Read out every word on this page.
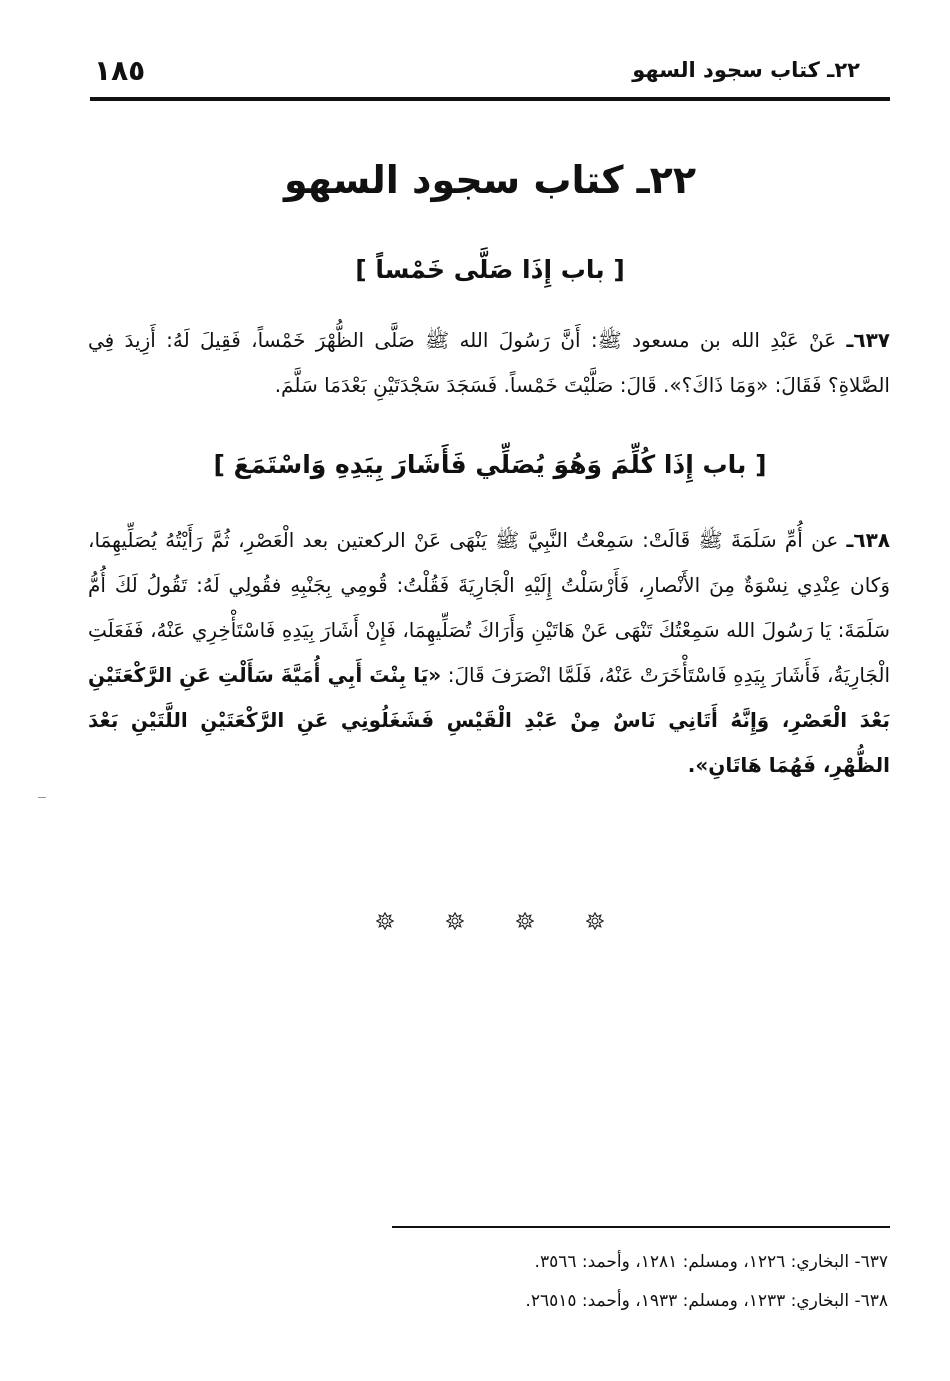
٢٢ـ كتاب سجود السهو
١٨٥
٢٢ـ كتاب سجود السهو
[ باب إِذَا صَلَّى خَمْساً ]
٦٣٧ـ عَنْ عَبْدِ الله بن مسعود ﷺ: أَنَّ رَسُولَ الله ﷺ صَلَّى الظُّهْرَ خَمْساً، فَقِيلَ لَهُ: أَزِيدَ فِي الصَّلاةِ؟ فَقَالَ: «وَمَا ذَاكَ؟». قَالَ: صَلَّيْتَ خَمْساً. فَسَجَدَ سَجْدَتَيْنِ بَعْدَمَا سَلَّمَ.
[ باب إِذَا كُلِّمَ وَهُوَ يُصَلِّي فَأَشَارَ بِيَدِهِ وَاسْتَمَعَ ]
٦٣٨ـ عن أُمِّ سَلَمَةَ ﷺ قَالَتْ: سَمِعْتُ النَّبِيَّ ﷺ يَنْهَى عَنْ الركعتين بعد الْعَصْرِ، ثُمَّ رَأَيْتُهُ يُصَلِّيهِمَا، وَكان عِنْدِي نِسْوَةٌ مِنَ الأَنْصارِ، فَأَرْسَلْتُ إِلَيْهِ الْجَارِيَةَ فَقُلْتُ: قُومِي بِجَنْبِهِ فقُولِي لَهُ: تَقُولُ لَكَ أُمُّ سَلَمَةَ: يَا رَسُولَ الله سَمِعْتُكَ تَنْهَى عَنْ هَاتَيْنِ وَأَرَاكَ تُصَلِّيهِمَا، فَإِنْ أَشَارَ بِيَدِهِ فَاسْتَأْخِرِي عَنْهُ، فَفَعَلَتِ الْجَارِيَةُ، فَأَشَارَ بِيَدِهِ فَاسْتَأْخَرَتْ عَنْهُ، فَلَمَّا انْصَرَفَ قَالَ: «يَا بِنْتَ أَبِي أُمَيَّةَ سَأَلْتِ عَنِ الرَّكْعَتَيْنِ بَعْدَ الْعَصْرِ، وَإِنَّهُ أَتَانِي نَاسٌ مِنْ عَبْدِ الْقَيْسِ فَشَغَلُونِي عَنِ الرَّكْعَتَيْنِ اللَّتَيْنِ بَعْدَ الظُّهْرِ، فَهُمَا هَاتَانِ».

٦٣٧- البخاري: ١٢٢٦، ومسلم: ١٢٨١، وأحمد: ٣٥٦٦.
٦٣٨- البخاري: ١٢٣٣، ومسلم: ١٩٣٣، وأحمد: ٢٦٥١٥.
